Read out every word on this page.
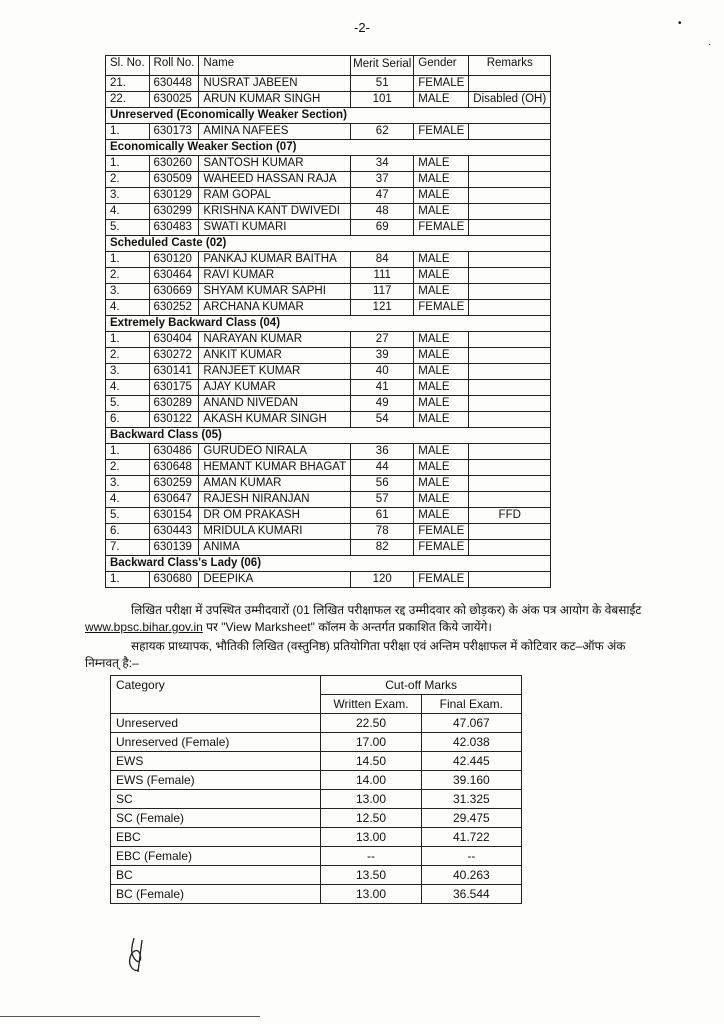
-2-	•
·
Sl. No.	Roll No.	Name	Merit Serial	Gender	Remarks
21.	630448	NUSRAT JABEEN	51	FEMALE	
22.	630025	ARUN KUMAR SINGH	101	MALE	Disabled (OH)
Unreserved (Economically Weaker Section)					
1.	630173	AMINA NAFEES	62	FEMALE	
Economically Weaker Section (07)					
1.	630260	SANTOSH KUMAR	34	MALE	
2.	630509	WAHEED HASSAN RAJA	37	MALE	
3.	630129	RAM GOPAL	47	MALE	
4.	630299	KRISHNA KANT DWIVEDI	48	MALE	
5.	630483	SWATI KUMARI	69	FEMALE	
Scheduled Caste (02)					
1.	630120	PANKAJ KUMAR BAITHA	84	MALE	
2.	630464	RAVI KUMAR	111	MALE	
3.	630669	SHYAM KUMAR SAPHI	117	MALE	
4.	630252	ARCHANA KUMAR	121	FEMALE	
Extremely Backward Class (04)					
1.	630404	NARAYAN KUMAR	27	MALE	
2.	630272	ANKIT KUMAR	39	MALE	
3.	630141	RANJEET KUMAR	40	MALE	
4.	630175	AJAY KUMAR	41	MALE	
5.	630289	ANAND NIVEDAN	49	MALE	
6.	630122	AKASH KUMAR SINGH	54	MALE	
Backward Class (05)					
1.	630486	GURUDEO NIRALA	36	MALE	
2.	630648	HEMANT KUMAR BHAGAT	44	MALE	
3.	630259	AMAN KUMAR	56	MALE	
4.	630647	RAJESH NIRANJAN	57	MALE	
5.	630154	DR OM PRAKASH	61	MALE	FFD
6.	630443	MRIDULA KUMARI	78	FEMALE	
7.	630139	ANIMA	82	FEMALE	
Backward Class's Lady (06)					
1.	630680	DEEPIKA	120	FEMALE	
लिखित परीक्षा में उपस्थित उम्मीदवारों (01 लिखित परीक्षाफल रद्द उम्मीदवार को छोड़कर) के अंक पत्र आयोग के वेबसाईट www.bpsc.bihar.gov.in पर "View Marksheet" कॉलम के अन्तर्गत प्रकाशित किये जायेंगे।
सहायक प्राध्यापक, भौतिकी लिखित (वस्तुनिष्ठ) प्रतियोगिता परीक्षा एवं अन्तिम परीक्षाफल में कोटिवार कट–ऑफ अंक निम्नवत् है:–
Category	Cut-off Marks	
	Written Exam.	Final Exam.
Unreserved	22.50	47.067
Unreserved (Female)	17.00	42.038
EWS	14.50	42.445
EWS (Female)	14.00	39.160
SC	13.00	31.325
SC (Female)	12.50	29.475
EBC	13.00	41.722
EBC (Female)	--	--
BC	13.50	40.263
BC (Female)	13.00	36.544
